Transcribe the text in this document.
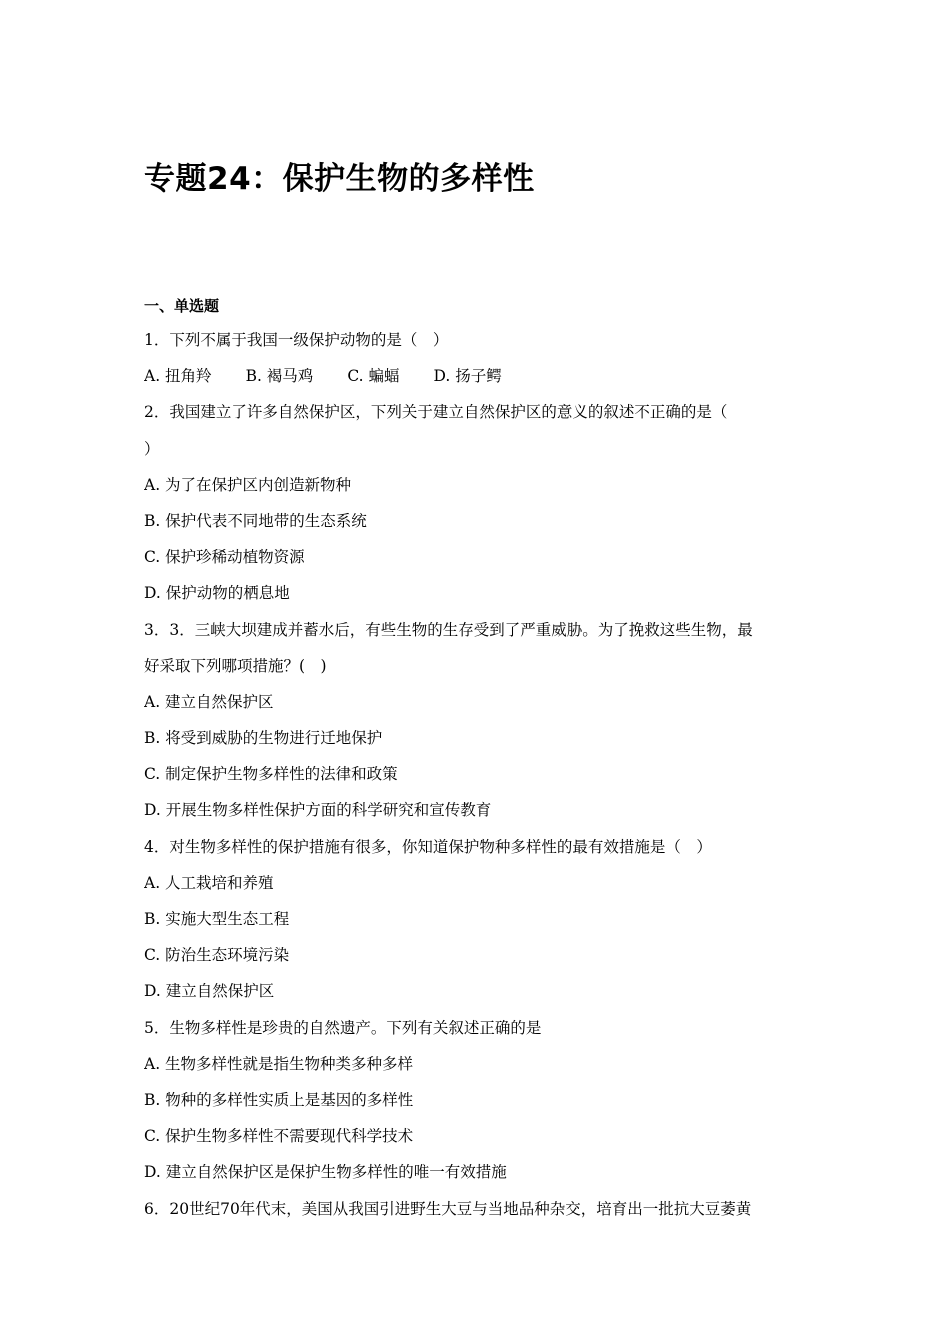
专题24：保护生物的多样性
一、单选题
1．下列不属于我国一级保护动物的是（　）
A. 扭角羚 B. 褐马鸡 C. 蝙蝠 D. 扬子鳄
2．我国建立了许多自然保护区，下列关于建立自然保护区的意义的叙述不正确的是（
）
A. 为了在保护区内创造新物种
B. 保护代表不同地带的生态系统
C. 保护珍稀动植物资源
D. 保护动物的栖息地
3．3．三峡大坝建成并蓄水后，有些生物的生存受到了严重威胁。为了挽救这些生物，最
好采取下列哪项措施？(　)
A. 建立自然保护区
B. 将受到威胁的生物进行迁地保护
C. 制定保护生物多样性的法律和政策
D. 开展生物多样性保护方面的科学研究和宣传教育
4．对生物多样性的保护措施有很多，你知道保护物种多样性的最有效措施是（　）
A. 人工栽培和养殖
B. 实施大型生态工程
C. 防治生态环境污染
D. 建立自然保护区
5．生物多样性是珍贵的自然遗产。下列有关叙述正确的是
A. 生物多样性就是指生物种类多种多样
B. 物种的多样性实质上是基因的多样性
C. 保护生物多样性不需要现代科学技术
D. 建立自然保护区是保护生物多样性的唯一有效措施
6．20世纪70年代末，美国从我国引进野生大豆与当地品种杂交，培育出一批抗大豆萎黄
